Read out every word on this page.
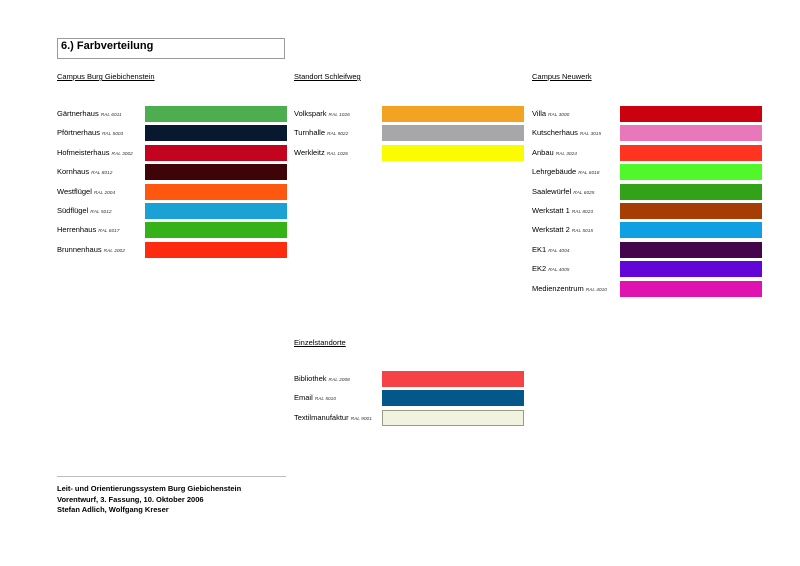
6.) Farbverteilung
Campus Burg Giebichenstein	Standort Schleifweg	Campus Neuwerk
Einzelstandorte
Gärtnerhaus RAL 6011
Pförtnerhaus RAL 5003
Hofmeisterhaus RAL 3002
Kornhaus RAL 8012
Westflügel RAL 2004
Südflügel RAL 5012
Herrenhaus RAL 6017
Brunnenhaus RAL 2002
Volkspark RAL 1026
Turnhalle RAL 9022
Werkleitz RAL 1026
Villa RAL 3000
Kutscherhaus RAL 3015
Anbau RAL 3024
Lehrgebäude RAL 6018
Saalewürfel RAL 6025
Werkstatt 1 RAL 8023
Werkstatt 2 RAL 5015
EK1 RAL 4004
EK2 RAL 4005
Medienzentrum RAL 4010
Bibliothek RAL 2008
Email RAL 5010
Textilmanufaktur RAL 9001
Leit- und Orientierungssystem Burg Giebichenstein
Vorentwurf, 3. Fassung, 10. Oktober 2006
Stefan Adlich, Wolfgang Kreser
